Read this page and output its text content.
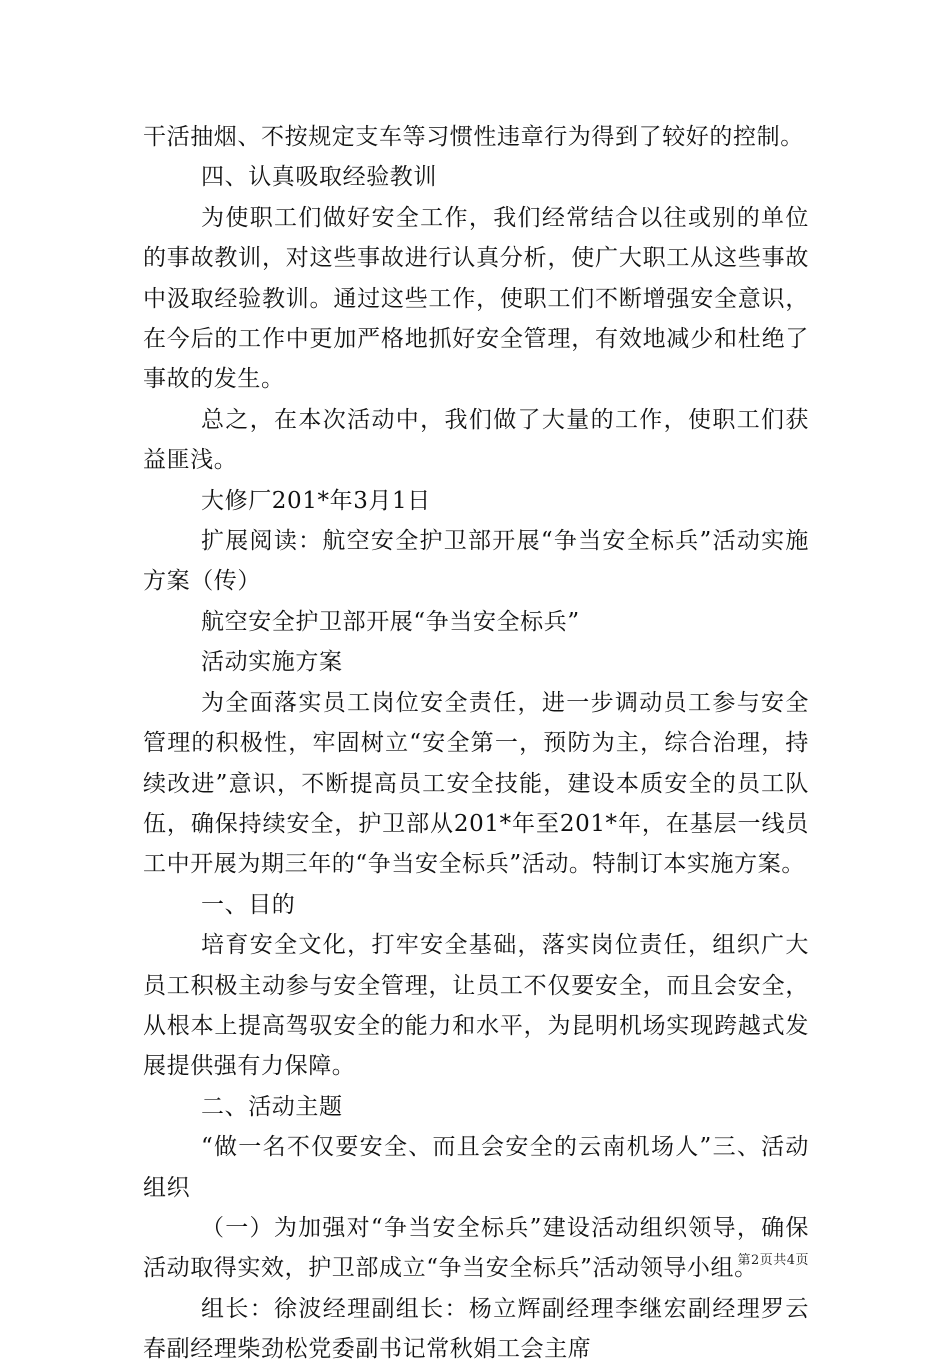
干活抽烟、不按规定支车等习惯性违章行为得到了较好的控制。

四、认真吸取经验教训

为使职工们做好安全工作，我们经常结合以往或别的单位的事故教训，对这些事故进行认真分析，使广大职工从这些事故中汲取经验教训。通过这些工作，使职工们不断增强安全意识，在今后的工作中更加严格地抓好安全管理，有效地减少和杜绝了事故的发生。

总之，在本次活动中，我们做了大量的工作，使职工们获益匪浅。

大修厂201*年3月1日

扩展阅读：航空安全护卫部开展“争当安全标兵”活动实施方案（传）

航空安全护卫部开展“争当安全标兵”

活动实施方案

为全面落实员工岗位安全责任，进一步调动员工参与安全管理的积极性，牢固树立“安全第一，预防为主，综合治理，持续改进”意识，不断提高员工安全技能，建设本质安全的员工队伍，确保持续安全，护卫部从201*年至201*年，在基层一线员工中开展为期三年的“争当安全标兵”活动。特制订本实施方案。

一、目的

培育安全文化，打牢安全基础，落实岗位责任，组织广大员工积极主动参与安全管理，让员工不仅要安全，而且会安全，从根本上提高驾驭安全的能力和水平，为昆明机场实现跨越式发展提供强有力保障。

二、活动主题

“做一名不仅要安全、而且会安全的云南机场人”三、活动组织

（一）为加强对“争当安全标兵”建设活动组织领导，确保活动取得实效，护卫部成立“争当安全标兵”活动领导小组。

组长：徐波经理副组长：杨立辉副经理李继宏副经理罗云春副经理柴劲松党委副书记常秋娟工会主席

第2页共4页
